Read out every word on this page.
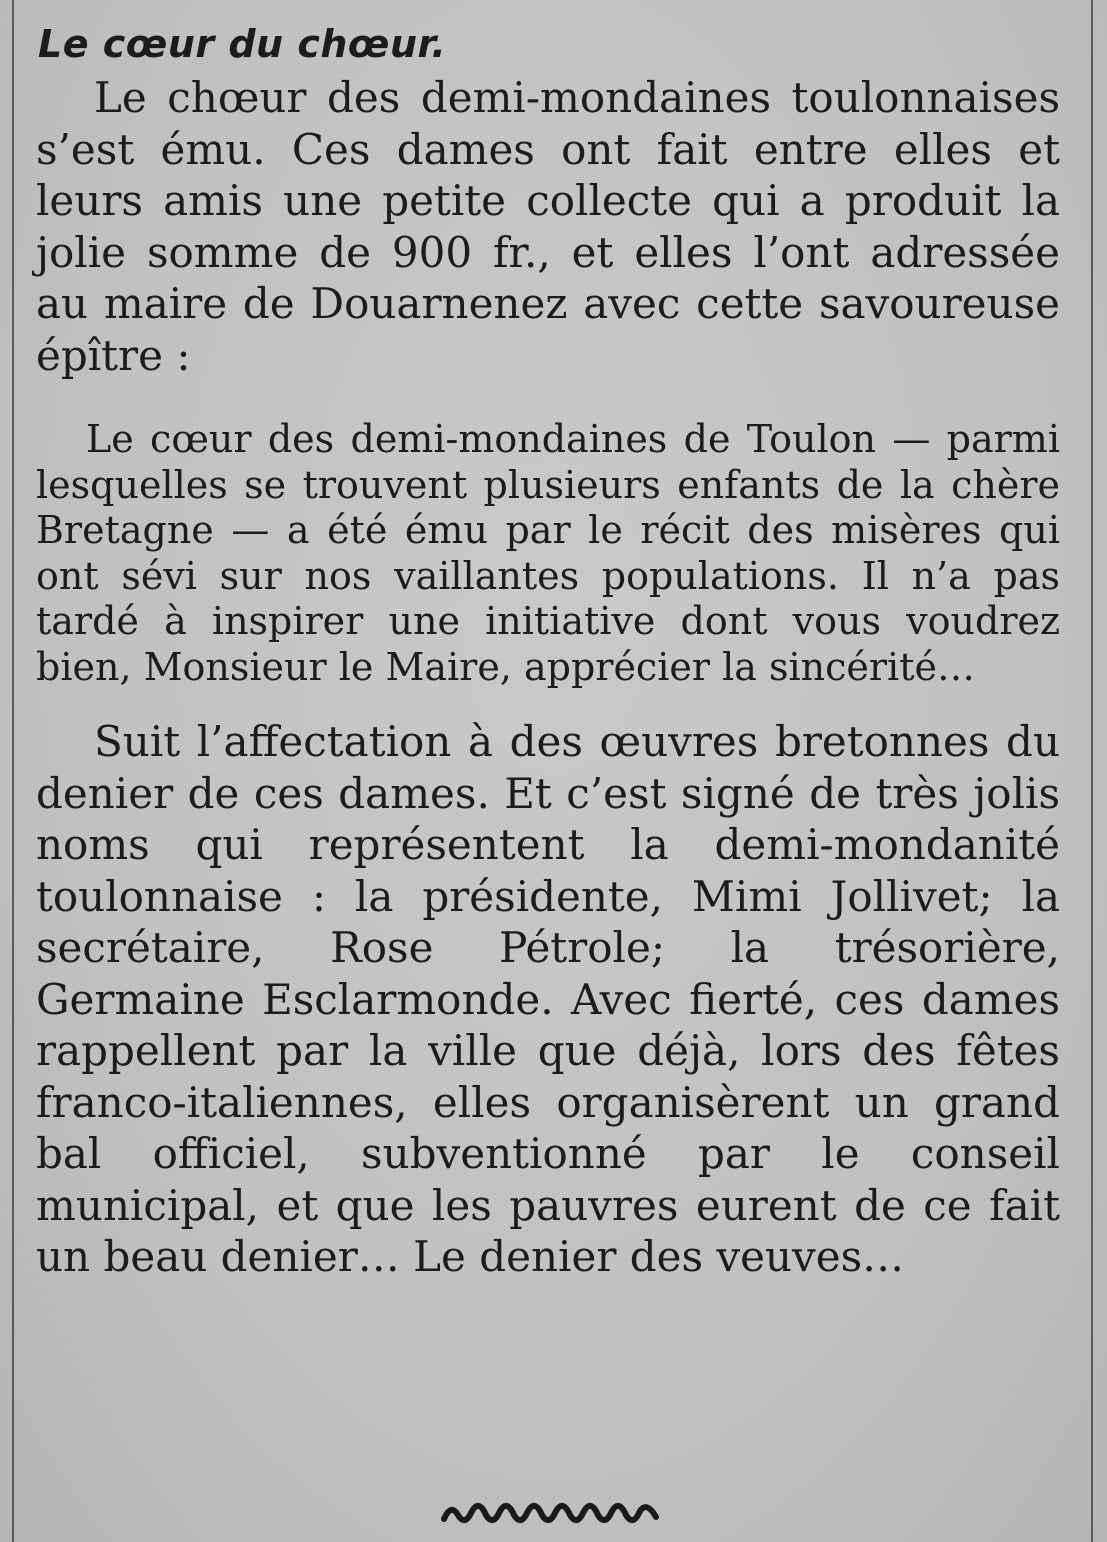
Le cœur du chœur.

Le chœur des demi-mondaines toulonnaises s’est ému. Ces dames ont fait entre elles et leurs amis une petite collecte qui a produit la jolie somme de 900 fr., et elles l’ont adressée au maire de Douarnenez avec cette savoureuse épître :

Le cœur des demi-mondaines de Toulon — parmi lesquelles se trouvent plusieurs enfants de la chère Bretagne — a été ému par le récit des misères qui ont sévi sur nos vaillantes populations. Il n’a pas tardé à inspirer une initiative dont vous voudrez bien, Monsieur le Maire, apprécier la sincérité…

Suit l’affectation à des œuvres bretonnes du denier de ces dames. Et c’est signé de très jolis noms qui représentent la demi-mondanité toulonnaise : la présidente, Mimi Jollivet; la secrétaire, Rose Pétrole; la trésorière, Germaine Esclarmonde. Avec fierté, ces dames rappellent par la ville que déjà, lors des fêtes franco-italiennes, elles organisèrent un grand bal officiel, subventionné par le conseil municipal, et que les pauvres eurent de ce fait un beau denier… Le denier des veuves…
